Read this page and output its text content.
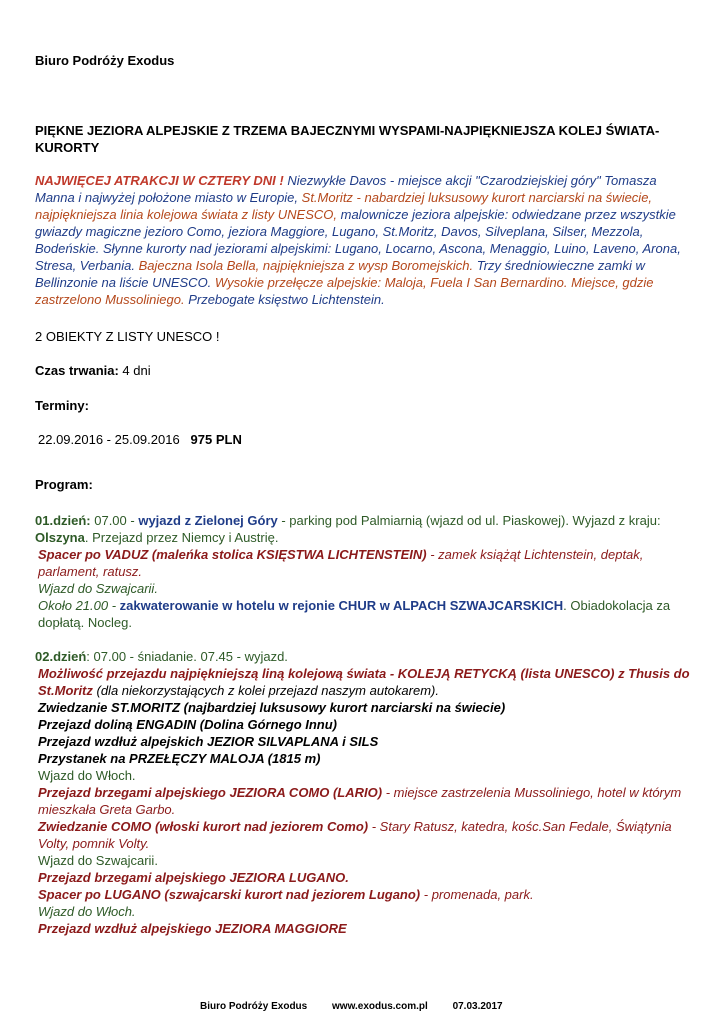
Biuro Podróży Exodus

PIĘKNE JEZIORA ALPEJSKIE Z TRZEMA BAJECZNYMI WYSPAMI-NAJPIĘKNIEJSZA KOLEJ ŚWIATA-KURORTY

NAJWIĘCEJ ATRAKCJI W CZTERY DNI ! Niezwykłe Davos - miejsce akcji "Czarodziejskiej góry" Tomasza Manna i najwyżej położone miasto w Europie, St.Moritz - nabardziej luksusowy kurort narciarski na świecie, najpiękniejsza linia kolejowa świata z listy UNESCO, malownicze jeziora alpejskie: odwiedzane przez wszystkie gwiazdy magiczne jezioro Como, jeziora Maggiore, Lugano, St.Moritz, Davos, Silveplana, Silser, Mezzola, Bodeńskie. Słynne kurorty nad jeziorami alpejskimi: Lugano, Locarno, Ascona, Menaggio, Luino, Laveno, Arona, Stresa, Verbania. Bajeczna Isola Bella, najpiękniejsza z wysp Boromejskich. Trzy średniowieczne zamki w Bellinzonie na liście UNESCO. Wysokie przełęcze alpejskie: Maloja, Fuela I San Bernardino. Miejsce, gdzie zastrzelono Mussoliniego. Przebogate księstwo Lichtenstein.

2 OBIEKTY Z LISTY UNESCO !

Czas trwania: 4 dni

Terminy:

22.09.2016 - 25.09.2016 975 PLN

Program:

01.dzień: 07.00 - wyjazd z Zielonej Góry - parking pod Palmiarnią (wjazd od ul. Piaskowej). Wyjazd z kraju: Olszyna. Przejazd przez Niemcy i Austrię.
Spacer po VADUZ (maleńka stolica KSIĘSTWA LICHTENSTEIN) - zamek książąt Lichtenstein, deptak, parlament, ratusz.
Wjazd do Szwajcarii.
Około 21.00 - zakwaterowanie w hotelu w rejonie CHUR w ALPACH SZWAJCARSKICH. Obiadokolacja za dopłatą. Nocleg.
02.dzień: 07.00 - śniadanie. 07.45 - wyjazd.
Możliwość przejazdu najpiękniejszą liną kolejową świata - KOLEJĄ RETYCKĄ (lista UNESCO) z Thusis do St.Moritz (dla niekorzystających z kolei przejazd naszym autokarem).
Zwiedzanie ST.MORITZ (najbardziej luksusowy kurort narciarski na świecie)
Przejazd doliną ENGADIN (Dolina Górnego Innu)
Przejazd wzdłuż alpejskich JEZIOR SILVAPLANA i SILS
Przystanek na PRZEŁĘCZY MALOJA (1815 m)
Wjazd do Włoch.
Przejazd brzegami alpejskiego JEZIORA COMO (LARIO) - miejsce zastrzelenia Mussoliniego, hotel w którym mieszkała Greta Garbo.
Zwiedzanie COMO (włoski kurort nad jeziorem Como) - Stary Ratusz, katedra, kośc.San Fedale, Świątynia Volty, pomnik Volty.
Wjazd do Szwajcarii.
Przejazd brzegami alpejskiego JEZIORA LUGANO.
Spacer po LUGANO (szwajcarski kurort nad jeziorem Lugano) - promenada, park.
Wjazd do Włoch.
Przejazd wzdłuż alpejskiego JEZIORA MAGGIORE
Biuro Podróży Exodus www.exodus.com.pl 07.03.2017
